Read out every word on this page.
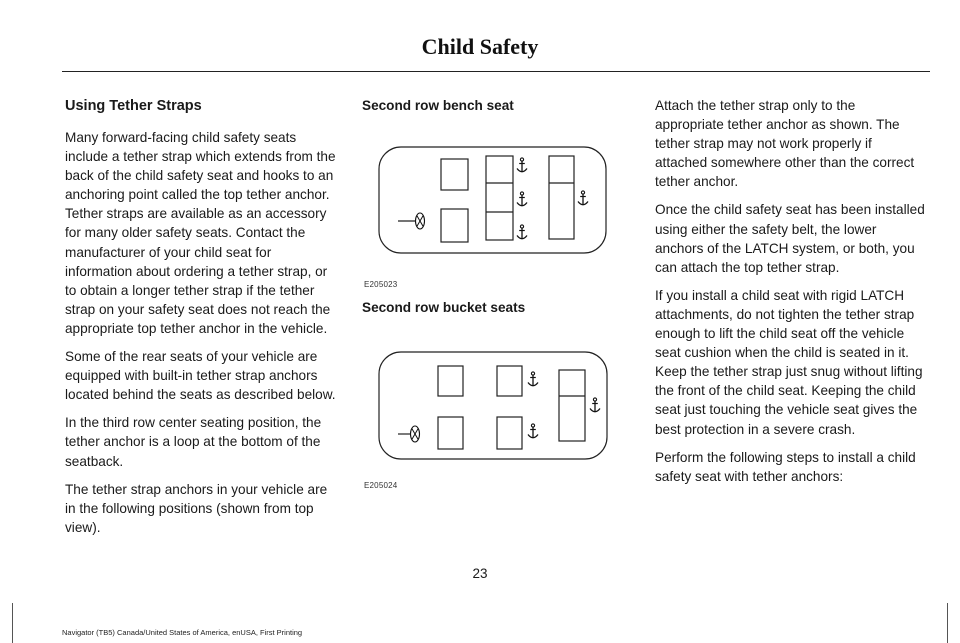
Child Safety
Using Tether Straps

Many forward-facing child safety seats include a tether strap which extends from the back of the child safety seat and hooks to an anchoring point called the top tether anchor. Tether straps are available as an accessory for many older safety seats. Contact the manufacturer of your child seat for information about ordering a tether strap, or to obtain a longer tether strap if the tether strap on your safety seat does not reach the appropriate top tether anchor in the vehicle.

Some of the rear seats of your vehicle are equipped with built-in tether strap anchors located behind the seats as described below.

In the third row center seating position, the tether anchor is a loop at the bottom of the seatback.

The tether strap anchors in your vehicle are in the following positions (shown from top view).

Second row bench seat
E205023
Second row bucket seats
E205024

Attach the tether strap only to the appropriate tether anchor as shown. The tether strap may not work properly if attached somewhere other than the correct tether anchor.

Once the child safety seat has been installed using either the safety belt, the lower anchors of the LATCH system, or both, you can attach the top tether strap.

If you install a child seat with rigid LATCH attachments, do not tighten the tether strap enough to lift the child seat off the vehicle seat cushion when the child is seated in it. Keep the tether strap just snug without lifting the front of the child seat. Keeping the child seat just touching the vehicle seat gives the best protection in a severe crash.

Perform the following steps to install a child safety seat with tether anchors:

23
Navigator (TB5) Canada/United States of America, enUSA, First Printing
